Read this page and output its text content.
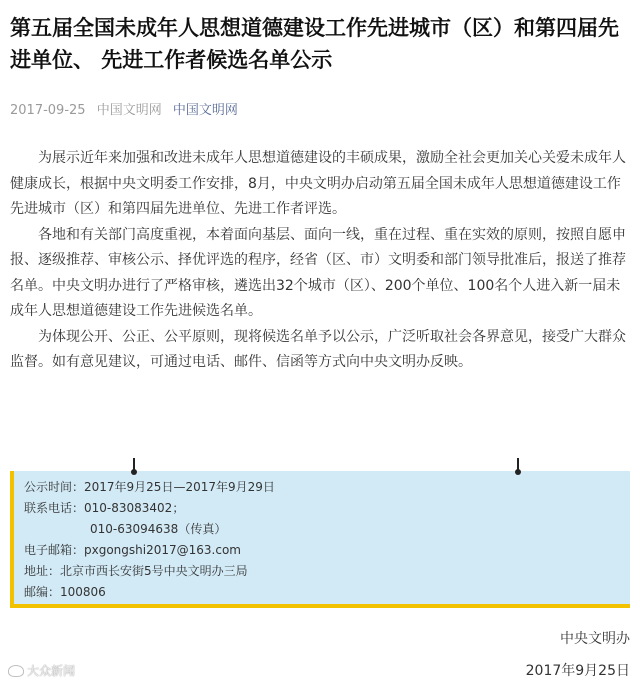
第五届全国未成年人思想道德建设工作先进城市（区）和第四届先进单位、 先进工作者候选名单公示
2017-09-25 中国文明网 中国文明网

为展示近年来加强和改进未成年人思想道德建设的丰硕成果，激励全社会更加关心关爱未成年人健康成长，根据中央文明委工作安排，8月，中央文明办启动第五届全国未成年人思想道德建设工作先进城市（区）和第四届先进单位、先进工作者评选。

各地和有关部门高度重视，本着面向基层、面向一线，重在过程、重在实效的原则，按照自愿申报、逐级推荐、审核公示、择优评选的程序，经省（区、市）文明委和部门领导批准后，报送了推荐名单。中央文明办进行了严格审核，遴选出32个城市（区）、200个单位、100名个人进入新一届未成年人思想道德建设工作先进候选名单。

为体现公开、公正、公平原则，现将候选名单予以公示，广泛听取社会各界意见，接受广大群众监督。如有意见建议，可通过电话、邮件、信函等方式向中央文明办反映。

公示时间：2017年9月25日—2017年9月29日
联系电话：010-83083402；
010-63094638（传真）
电子邮箱：pxgongshi2017@163.com
地址：北京市西长安街5号中央文明办三局
邮编：100806
中央文明办
2017年9月25日
大众新闻
